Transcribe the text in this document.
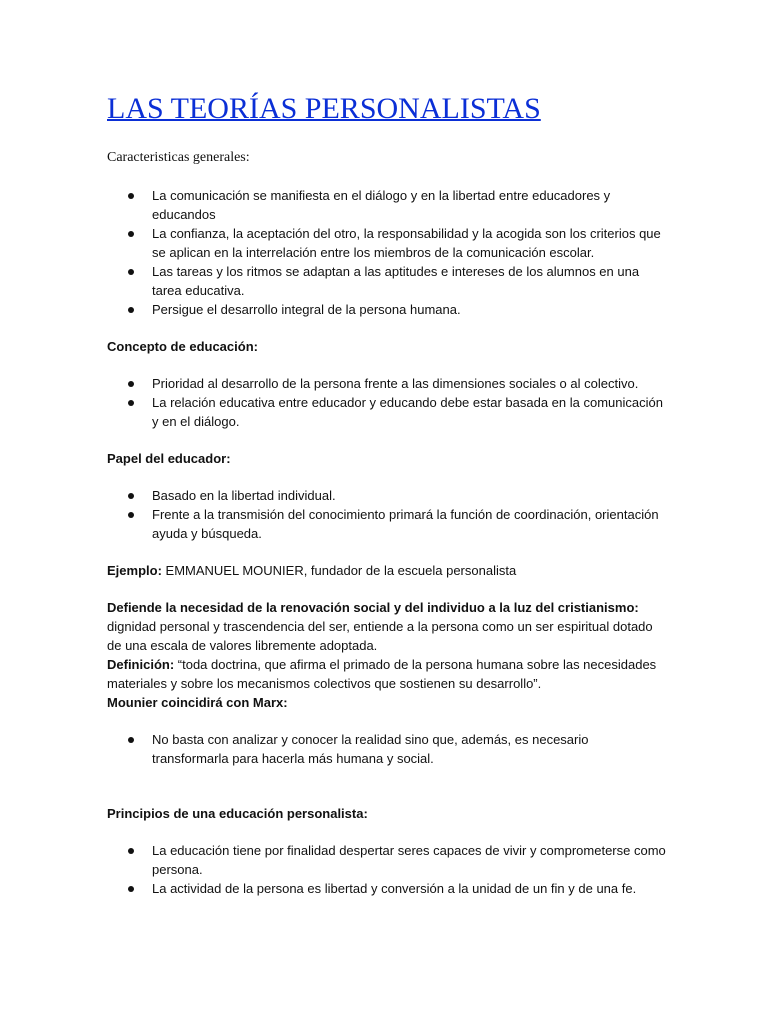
LAS TEORÍAS PERSONALISTAS

Caracteristicas generales:

La comunicación se manifiesta en el diálogo y en la libertad entre educadores y educandos
La confianza, la aceptación del otro, la responsabilidad y la acogida son los criterios que se aplican en la interrelación entre los miembros de la comunicación escolar.
Las tareas y los ritmos se adaptan a las aptitudes e intereses de los alumnos en una tarea educativa.
Persigue el desarrollo integral de la persona humana.

Concepto de educación:

Prioridad al desarrollo de la persona frente a las dimensiones sociales o al colectivo.
La relación educativa entre educador y educando debe estar basada en la comunicación y en el diálogo.

Papel del educador:

Basado en la libertad individual.
Frente a la transmisión del conocimiento primará la función de coordinación, orientación ayuda y búsqueda.

Ejemplo: EMMANUEL MOUNIER, fundador de la escuela personalista

Defiende la necesidad de la renovación social y del individuo a la luz del cristianismo: dignidad personal y trascendencia del ser, entiende a la persona como un ser espiritual dotado de una escala de valores libremente adoptada.

Definición: “toda doctrina, que afirma el primado de la persona humana sobre las necesidades materiales y sobre los mecanismos colectivos que sostienen su desarrollo”.

Mounier coincidirá con Marx:

No basta con analizar y conocer la realidad sino que, además, es necesario transformarla para hacerla más humana y social.

Principios de una educación personalista:

La educación tiene por finalidad despertar seres capaces de vivir y comprometerse como persona.
La actividad de la persona es libertad y conversión a la unidad de un fin y de una fe.
